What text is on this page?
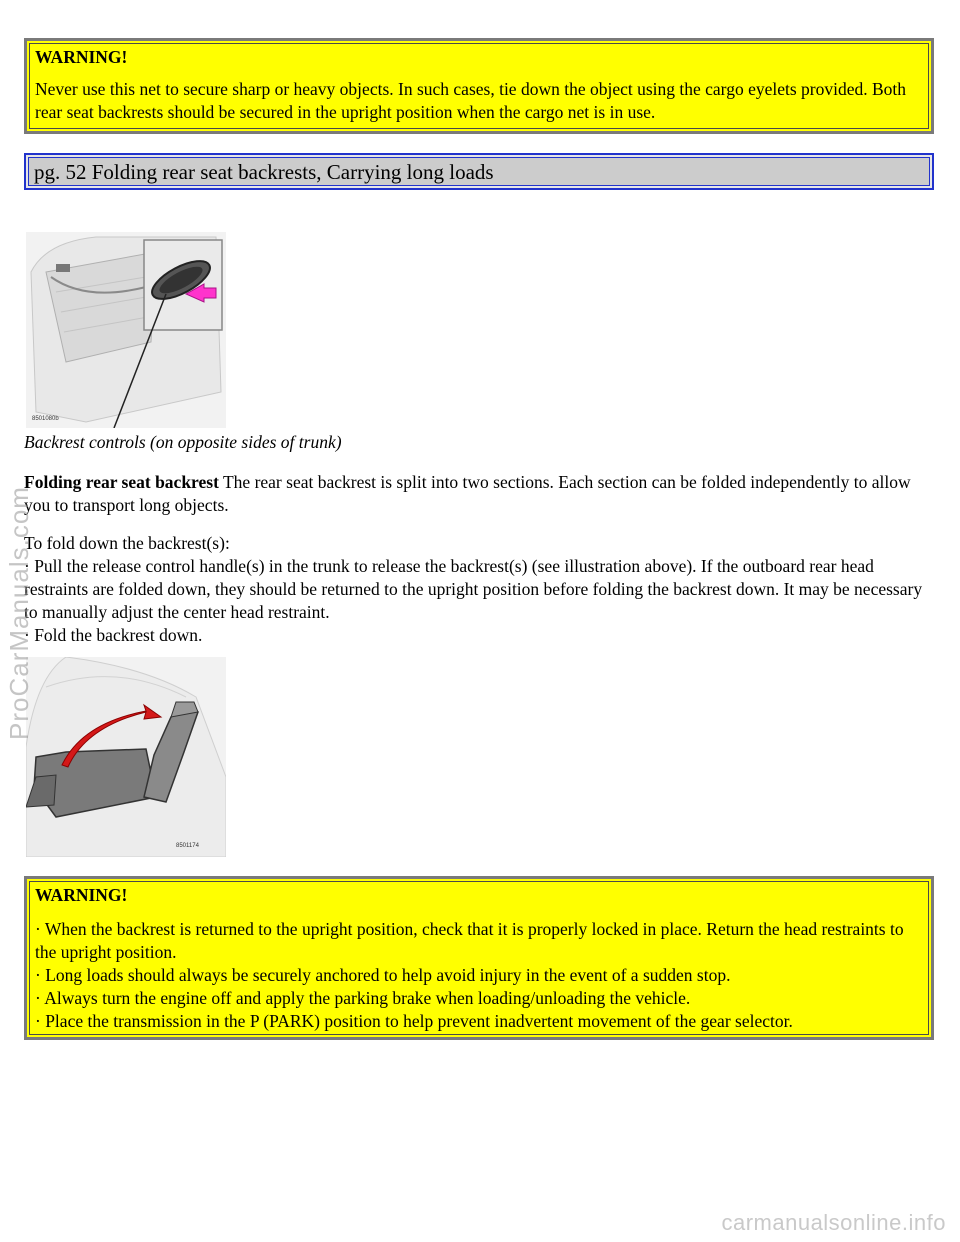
WARNING!

Never use this net to secure sharp or heavy objects. In such cases, tie down the object using the cargo eyelets provided. Both rear seat backrests should be secured in the upright position when the cargo net is in use.

pg. 52 Folding rear seat backrests, Carrying long loads
8501080b
Backrest controls (on opposite sides of trunk)
Folding rear seat backrest The rear seat backrest is split into two sections. Each section can be folded independently to allow you to transport long objects.
To fold down the backrest(s):
· Pull the release control handle(s) in the trunk to release the backrest(s) (see illustration above). If the outboard rear head restraints are folded down, they should be returned to the upright position before folding the backrest down. It may be necessary to manually adjust the center head restraint.
· Fold the backrest down.
8501174
WARNING!
· When the backrest is returned to the upright position, check that it is properly locked in place. Return the head restraints to the upright position.
· Long loads should always be securely anchored to help avoid injury in the event of a sudden stop.
· Always turn the engine off and apply the parking brake when loading/unloading the vehicle.
· Place the transmission in the P (PARK) position to help prevent inadvertent movement of the gear selector.
ProCarManuals.com
carmanualsonline.info
